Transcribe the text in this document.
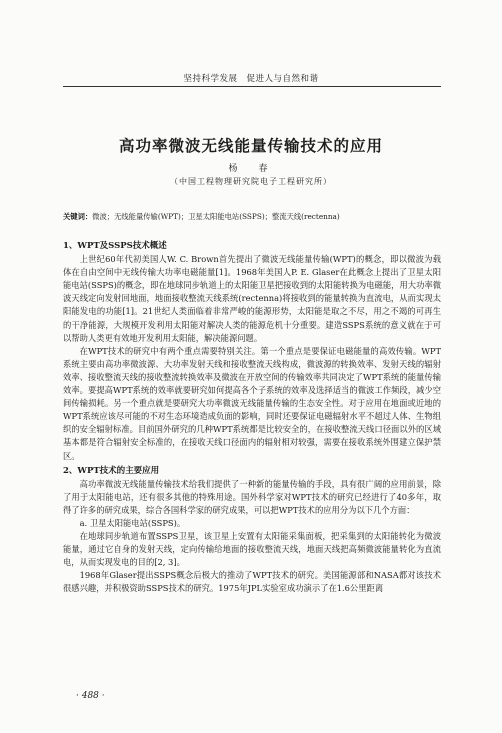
坚持科学发展　促进人与自然和谐
高功率微波无线能量传输技术的应用
杨　春
（中国工程物理研究院电子工程研究所）
关键词：微波；无线能量传输(WPT)；卫星太阳能电站(SSPS)；整流天线(rectenna)
1、WPT及SSPS技术概述

上世纪60年代初美国人W. C. Brown首先提出了微波无线能量传输(WPT)的概念，即以微波为载体在自由空间中无线传输大功率电磁能量[1]。1968年美国人P. E. Glaser在此概念上提出了卫星太阳能电站(SSPS)的概念，即在地球同步轨道上的太阳能卫星把接收到的太阳能转换为电磁能，用大功率微波天线定向发射回地面，地面接收整流天线系统(rectenna)将接收到的能量转换为直流电，从而实现太阳能发电的功能[1]。21世纪人类面临着非常严峻的能源形势，太阳能是取之不尽，用之不竭的可再生的干净能源，大规模开发利用太阳能对解决人类的能源危机十分重要。建造SSPS系统的意义就在于可以帮助人类更有效地开发利用太阳能，解决能源问题。

在WPT技术的研究中有两个重点需要特别关注。第一个重点是要保证电磁能量的高效传输。WPT系统主要由高功率微波源、大功率发射天线和接收整流天线构成，微波源的转换效率、发射天线的辐射效率、接收整流天线的接收整流转换效率及微波在开放空间的传输效率共同决定了WPT系统的能量传输效率。要提高WPT系统的效率就要研究如何提高各个子系统的效率及选择适当的微波工作频段，减少空间传输损耗。另一个重点就是要研究大功率微波无线能量传输的生态安全性。对于应用在地面或近地的WPT系统应该尽可能的不对生态环境造成负面的影响，同时还要保证电磁辐射水平不超过人体、生物组织的安全辐射标准。目前国外研究的几种WPT系统都是比较安全的，在接收整流天线口径面以外的区域基本都是符合辐射安全标准的，在接收天线口径面内的辐射相对较强，需要在接收系统外围建立保护禁区。

2、WPT技术的主要应用

高功率微波无线能量传输技术给我们提供了一种新的能量传输的手段，具有很广阔的应用前景，除了用于太阳能电站，还有很多其他的特殊用途。国外科学家对WPT技术的研究已经进行了40多年，取得了许多的研究成果，综合各国科学家的研究成果，可以把WPT技术的应用分为以下几个方面：

a. 卫星太阳能电站(SSPS)。

在地球同步轨道布置SSPS卫星，该卫星上安置有太阳能采集面板，把采集到的太阳能转化为微波能量，通过它自身的发射天线，定向传输给地面的接收整流天线，地面天线把高频微波能量转化为直流电，从而实现发电的目的[2, 3]。

1968年Glaser提出SSPS概念后极大的推动了WPT技术的研究。美国能源部和NASA都对该技术很感兴趣，并积极资助SSPS技术的研究。1975年JPL实验室成功演示了在1.6公里距离

· 488 ·
